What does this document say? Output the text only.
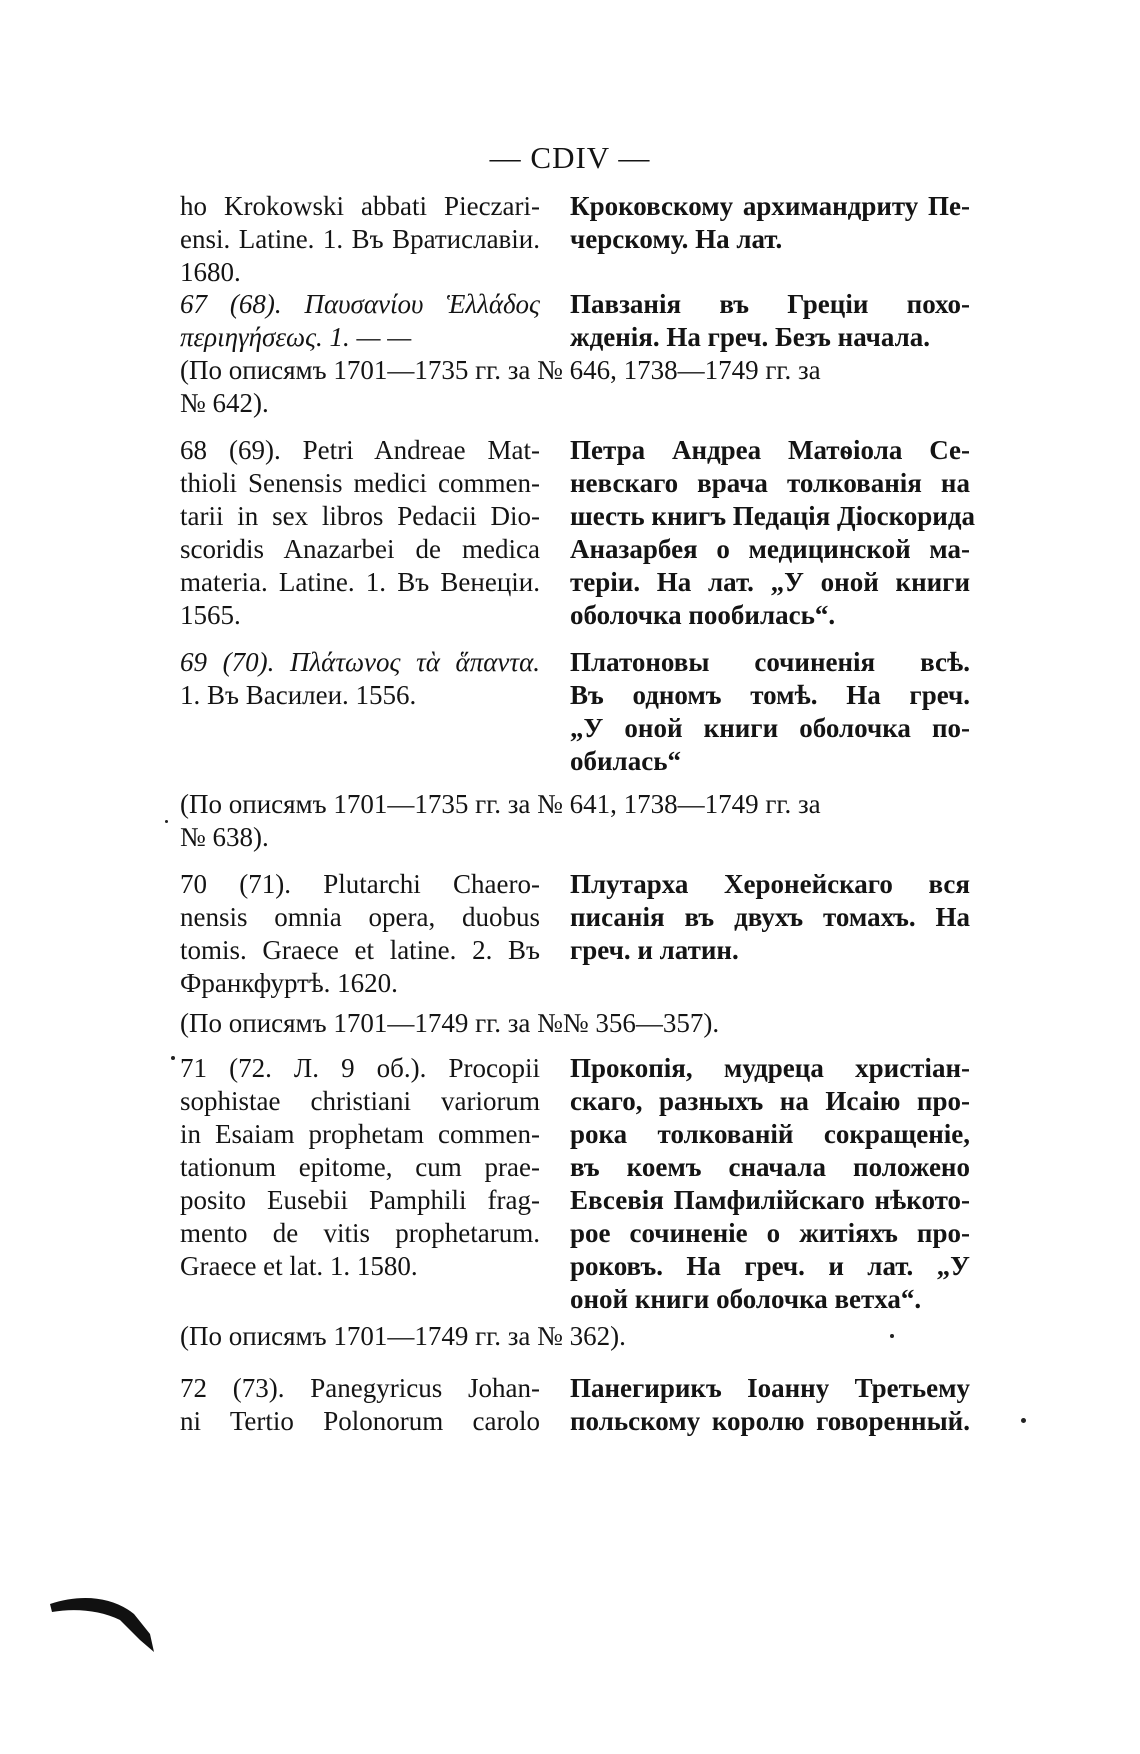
— CDIV —
ho Krokowski abbati Pieczari-
ensi. Latine. 1. Въ Вратиславіи.
1680.
Кроковскому архимандриту Пе-
черскому. На лат.
67 (68). Παυσανίου Ἑλλάδος
περιηγήσεως. 1. — —
Павзанія въ Греціи похо-
жденія. На греч. Безъ начала.
(По описямъ 1701—1735 гг. за № 646, 1738—1749 гг. за
№ 642).
68 (69). Petri Andreae Mat-
thioli Senensis medici commen-
tarii in sex libros Pedacii Dio-
scoridis Anazarbei de medica
materia. Latine. 1. Въ Венеціи.
1565.
Петра Андреа Матѳіола Се-
невскаго врача толкованія на
шесть книгъ Педація Діоскорида
Аназарбея о медицинской ма-
теріи. На лат. „У оной книги
оболочка пообилась“.
69 (70). Πλάτωνος τὰ ἅπαντα.
1. Въ Василеи. 1556.
Платоновы сочиненія всѣ.
Въ одномъ томѣ. На греч.
„У оной книги оболочка по-
обилась“
(По описямъ 1701—1735 гг. за № 641, 1738—1749 гг. за
№ 638).
70 (71). Plutarchi Chaero-
nensis omnia opera, duobus
tomis. Graece et latine. 2. Въ
Франкфуртѣ. 1620.
Плутарха Херонейскаго вся
писанія въ двухъ томахъ. На
греч. и латин.
(По описямъ 1701—1749 гг. за №№ 356—357).
71 (72. Л. 9 об.). Procopii
sophistae christiani variorum
in Esaiam prophetam commen-
tationum epitome, cum prae-
posito Eusebii Pamphili frag-
mento de vitis prophetarum.
Graece et lat. 1. 1580.
Прокопія, мудреца христіан-
скаго, разныхъ на Исаію про-
рока толкованій сокращеніе,
въ коемъ сначала положено
Евсевія Памфилійскаго нѣкото-
рое сочиненіе о житіяхъ про-
роковъ. На греч. и лат. „У
оной книги оболочка ветха“.
(По описямъ 1701—1749 гг. за № 362).
72 (73). Panegyricus Johan-
ni Tertio Polonorum carolo
Панегирикъ Іоанну Третьему
польскому королю говоренный.
